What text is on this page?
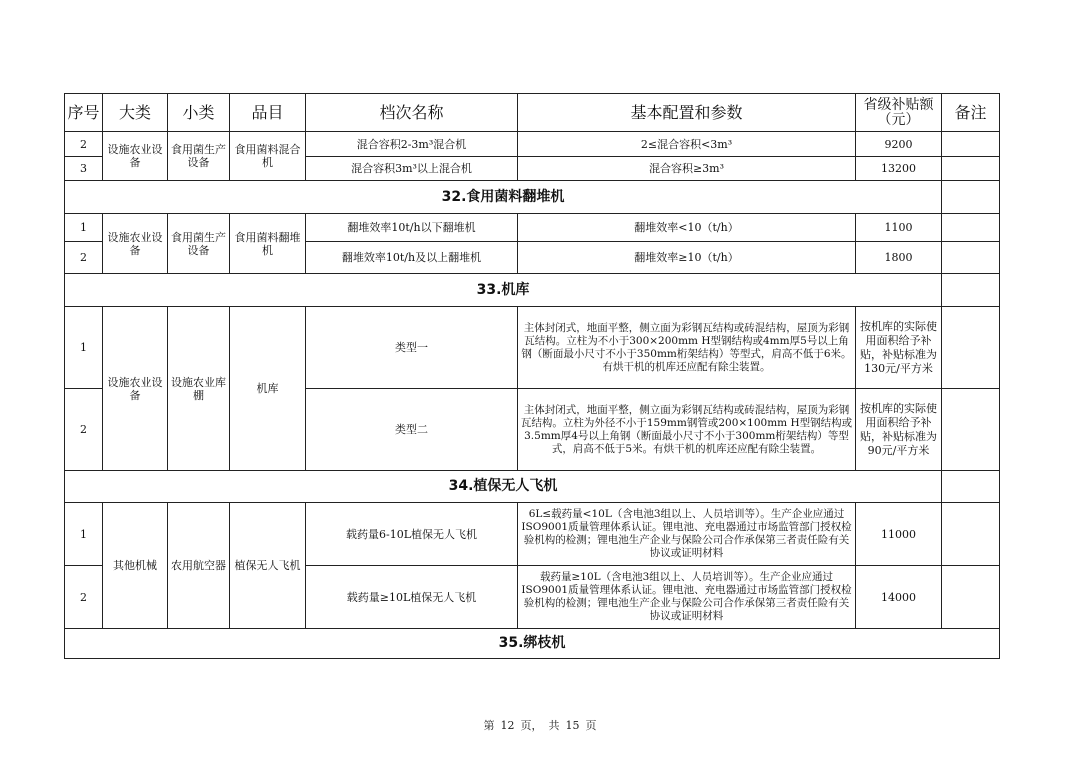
序号	大类	小类	品目	档次名称	基本配置和参数	省级补贴额（元）	备注
2	设施农业设备	食用菌生产设备	食用菌料混合机	混合容积2-3m³混合机	2≤混合容积<3m³	9200	
3				混合容积3m³以上混合机	混合容积≥3m³	13200	
32.食用菌料翻堆机							
1	设施农业设备	食用菌生产设备	食用菌料翻堆机	翻堆效率10t/h以下翻堆机	翻堆效率<10（t/h）	1100	
2				翻堆效率10t/h及以上翻堆机	翻堆效率≥10（t/h）	1800	
33.机库							
1	设施农业设备	设施农业库棚	机库	类型一	主体封闭式，地面平整，侧立面为彩钢瓦结构或砖混结构，屋顶为彩钢瓦结构。立柱为不小于300×200mm H型钢结构或4mm厚5号以上角钢（断面最小尺寸不小于350mm桁架结构）等型式，肩高不低于6米。有烘干机的机库还应配有除尘装置。	按机库的实际使用面积给予补贴，补贴标准为130元/平方米	
2				类型二	主体封闭式，地面平整，侧立面为彩钢瓦结构或砖混结构，屋顶为彩钢瓦结构。立柱为外径不小于159mm钢管或200×100mm H型钢结构或3.5mm厚4号以上角钢（断面最小尺寸不小于300mm桁架结构）等型式，肩高不低于5米。有烘干机的机库还应配有除尘装置。	按机库的实际使用面积给予补贴，补贴标准为90元/平方米	
34.植保无人飞机							
1	其他机械	农用航空器	植保无人飞机	载药量6-10L植保无人飞机	6L≤载药量<10L（含电池3组以上、人员培训等）。生产企业应通过ISO9001质量管理体系认证。锂电池、充电器通过市场监管部门授权检验机构的检测；锂电池生产企业与保险公司合作承保第三者责任险有关协议或证明材料	11000	
2				载药量≥10L植保无人飞机	载药量≥10L（含电池3组以上、人员培训等）。生产企业应通过ISO9001质量管理体系认证。锂电池、充电器通过市场监管部门授权检验机构的检测；锂电池生产企业与保险公司合作承保第三者责任险有关协议或证明材料	14000	
35.绑枝机							
第 12 页， 共 15 页
